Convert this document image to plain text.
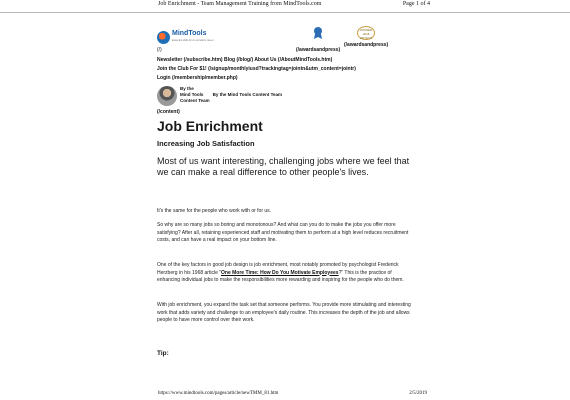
Job Enrichment - Team Management Training from MindTools.com	Page 1 of 4
MindTools
Essential skills for an excellent career
(/)	(/awardsandpress)
WINNER 2018 HRTECH
(/awardsandpress)
Newsletter (/subscribe.htm) Blog (/blog/) About Us (/AboutMindTools.htm)
Join the Club For $1! (/signup/monthlyiusd?trackingtag=jointn&utm_content=jointr)
Login (/membership/member.php)
By the
Mind Tools
Content Team
By the Mind Tools Content Team
(/content)
Job Enrichment
Increasing Job Satisfaction

Most of us want interesting, challenging jobs where we feel that we can make a real difference to other people's lives.

It's the same for the people who work with or for us.

So why are so many jobs so boring and monotonous? And what can you do to make the jobs you offer more satisfying? After all, retaining experienced staff and motivating them to perform at a high level reduces recruitment costs, and can have a real impact on your bottom line.

One of the key factors in good job design is job enrichment, most notably promoted by psychologist Frederick Herzberg in his 1968 article "One More Time: How Do You Motivate Employees?" This is the practice of enhancing individual jobs to make the responsibilities more rewarding and inspiring for the people who do them.

With job enrichment, you expand the task set that someone performs. You provide more stimulating and interesting work that adds variety and challenge to an employee's daily routine. This increases the depth of the job and allows people to have more control over their work.

Tip:
https://www.mindtools.com/pages/article/newTMM_81.htm	2/5/2019
